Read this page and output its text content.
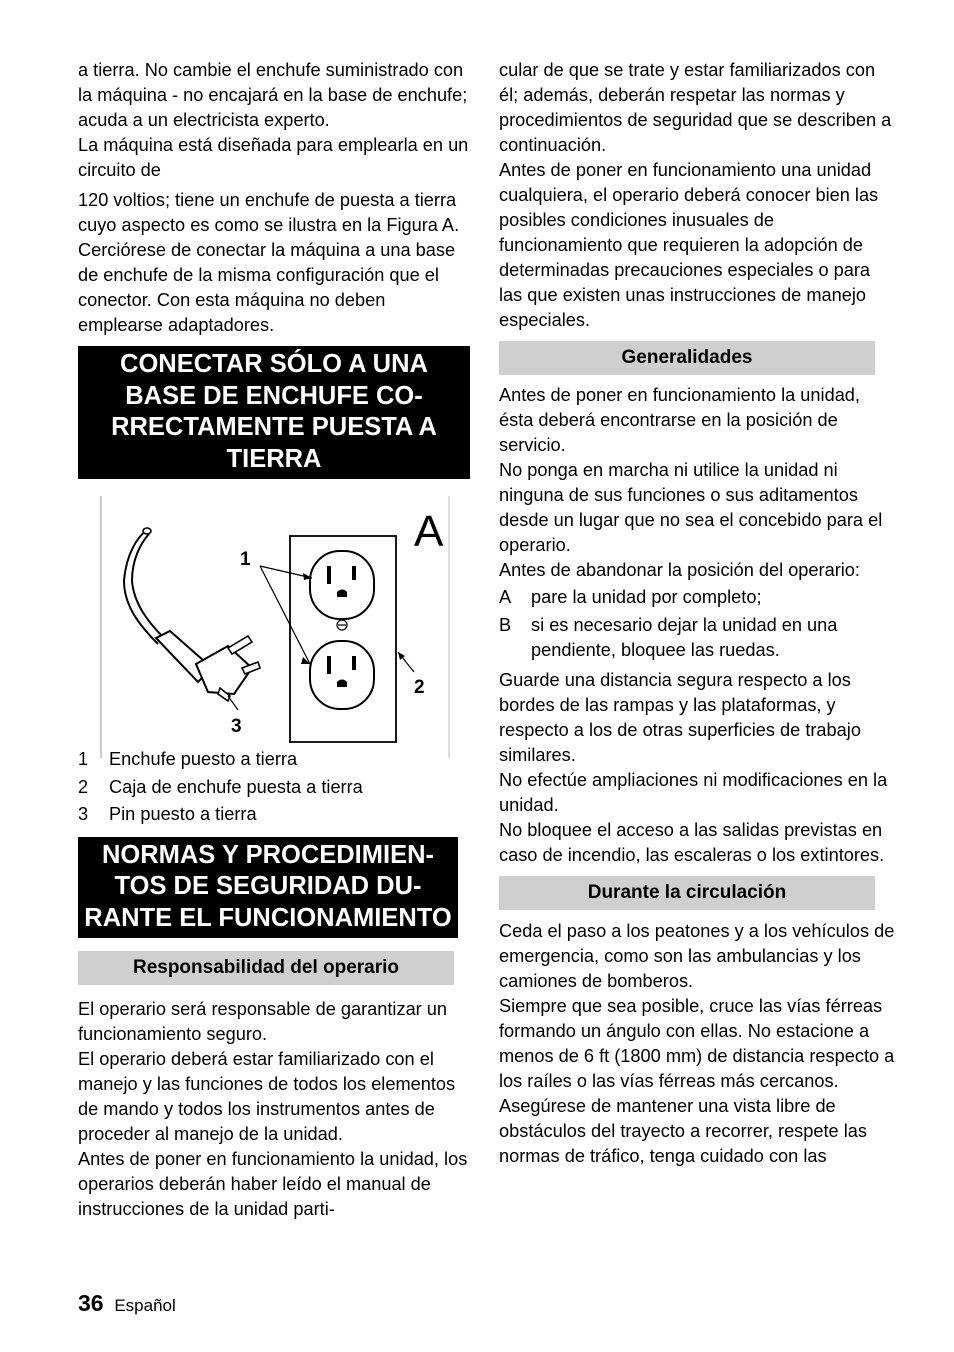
a tierra. No cambie el enchufe suministrado con la máquina - no encajará en la base de enchufe; acuda a un electricista experto.

La máquina está diseñada para emplearla en un circuito de

120 voltios; tiene un enchufe de puesta a tierra cuyo aspecto es como se ilustra en la Figura A. Cerciórese de conectar la máquina a una base de enchufe de la misma configuración que el conector. Con esta máquina no deben emplearse adaptadores.

CONECTAR SÓLO A UNA BASE DE ENCHUFE CO-RRECTAMENTE PUESTA A TIERRA
1
2
3
A
1	Enchufe puesto a tierra
2	Caja de enchufe puesta a tierra
3	Pin puesto a tierra
NORMAS Y PROCEDIMIEN-TOS DE SEGURIDAD DU-RANTE EL FUNCIONAMIENTO
Responsabilidad del operario

El operario será responsable de garantizar un funcionamiento seguro.

El operario deberá estar familiarizado con el manejo y las funciones de todos los elementos de mando y todos los instrumentos antes de proceder al manejo de la unidad.

Antes de poner en funcionamiento la unidad, los operarios deberán haber leído el manual de instrucciones de la unidad parti-

cular de que se trate y estar familiarizados con él; además, deberán respetar las normas y procedimientos de seguridad que se describen a continuación.

Antes de poner en funcionamiento una unidad cualquiera, el operario deberá conocer bien las posibles condiciones inusuales de funcionamiento que requieren la adopción de determinadas precauciones especiales o para las que existen unas instrucciones de manejo especiales.

Generalidades

Antes de poner en funcionamiento la unidad, ésta deberá encontrarse en la posición de servicio.

No ponga en marcha ni utilice la unidad ni ninguna de sus funciones o sus aditamentos desde un lugar que no sea el concebido para el operario.

Antes de abandonar la posición del operario:

A	pare la unidad por completo;
B	si es necesario dejar la unidad en una pendiente, bloquee las ruedas.

Guarde una distancia segura respecto a los bordes de las rampas y las plataformas, y respecto a los de otras superficies de trabajo similares.

No efectúe ampliaciones ni modificaciones en la unidad.

No bloquee el acceso a las salidas previstas en caso de incendio, las escaleras o los extintores.

Durante la circulación

Ceda el paso a los peatones y a los vehículos de emergencia, como son las ambulancias y los camiones de bomberos.

Siempre que sea posible, cruce las vías férreas formando un ángulo con ellas. No estacione a menos de 6 ft (1800 mm) de distancia respecto a los raíles o las vías férreas más cercanos.

Asegúrese de mantener una vista libre de obstáculos del trayecto a recorrer, respete las normas de tráfico, tenga cuidado con las

36 Español
